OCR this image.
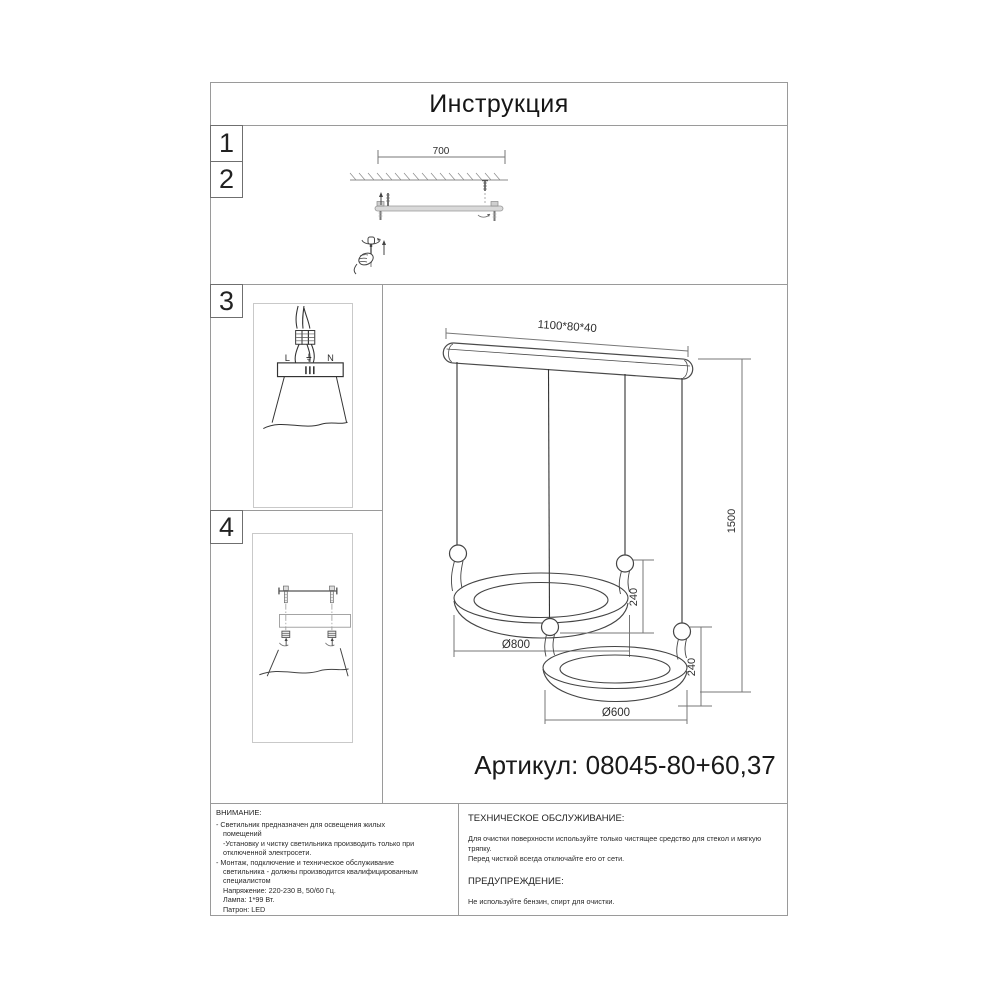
Инструкция
1
2
3
4
700
L	N
1100*80*40
240
Ø800
240
Ø600
1500
Артикул: 08045-80+60,37
ВНИМАНИЕ:
- Светильник предназначен для освещения жилых
помещений
-Установку и чистку светильника производить только при
отключенной электросети.
- Монтаж, подключение и техническое обслуживание
светильника - должны производится квалифицированным
специалистом
Напряжение: 220-230 В, 50/60 Гц.
Лампа: 1*99 Вт.
Патрон: LED
ТЕХНИЧЕСКОЕ ОБСЛУЖИВАНИЕ:
Для очистки поверхности используйте только чистящее средство для стекол и мягкую тряпку.
Перед чисткой всегда отключайте его от сети.
ПРЕДУПРЕЖДЕНИЕ:
Не используйте бензин, спирт для очистки.
